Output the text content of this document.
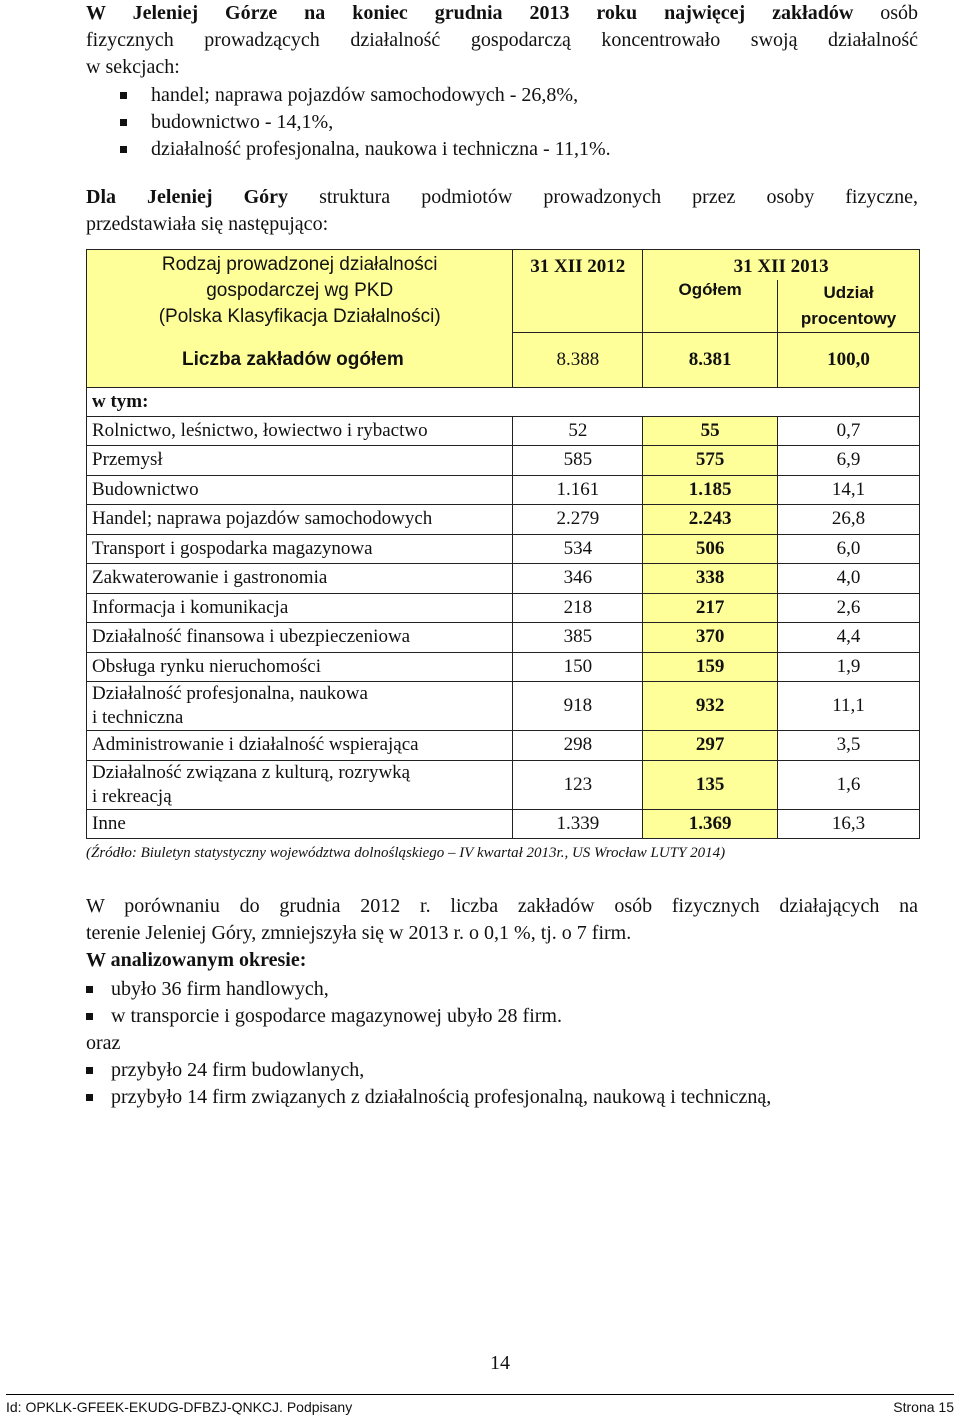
W Jeleniej Górze na koniec grudnia 2013 roku najwięcej zakładów osób
fizycznych prowadzących działalność gospodarczą koncentrowało swoją działalność
w sekcjach:
handel; naprawa pojazdów samochodowych - 26,8%,
budownictwo - 14,1%,
działalność profesjonalna, naukowa i techniczna - 11,1%.
Dla Jeleniej Góry struktura podmiotów prowadzonych przez osoby fizyczne,
przedstawiała się następująco:
Rodzaj prowadzonej działalności
gospodarczej wg PKD
(Polska Klasyfikacja Działalności)	31 XII 2012	31 XII 2013	
		Ogółem	Udział
procentowy

Liczba zakładów ogółem	8.388	8.381	100,0
w tym:			
Rolnictwo, leśnictwo, łowiectwo i rybactwo	52	55	0,7
Przemysł	585	575	6,9
Budownictwo	1.161	1.185	14,1
Handel; naprawa pojazdów samochodowych	2.279	2.243	26,8
Transport i gospodarka magazynowa	534	506	6,0
Zakwaterowanie i gastronomia	346	338	4,0
Informacja i komunikacja	218	217	2,6
Działalność finansowa i ubezpieczeniowa	385	370	4,4
Obsługa rynku nieruchomości	150	159	1,9

Działalność profesjonalna, naukowa
i techniczna	918	932	11,1
Administrowanie i działalność wspierająca	298	297	3,5

Działalność związana z kulturą, rozrywką
i rekreacją	123	135	1,6
Inne	1.339	1.369	16,3
(Źródło: Biuletyn statystyczny województwa dolnośląskiego – IV kwartał 2013r., US Wrocław LUTY 2014)
W porównaniu do grudnia 2012 r. liczba zakładów osób fizycznych działających na
terenie Jeleniej Góry, zmniejszyła się w 2013 r. o 0,1 %, tj. o 7 firm.
W analizowanym okresie:
ubyło 36 firm handlowych,
w transporcie i gospodarce magazynowej ubyło 28 firm.
oraz
przybyło 24 firm budowlanych,
przybyło 14 firm związanych z działalnością profesjonalną, naukową i techniczną,
14
Id: OPKLK-GFEEK-EKUDG-DFBZJ-QNKCJ. Podpisany	Strona 15
